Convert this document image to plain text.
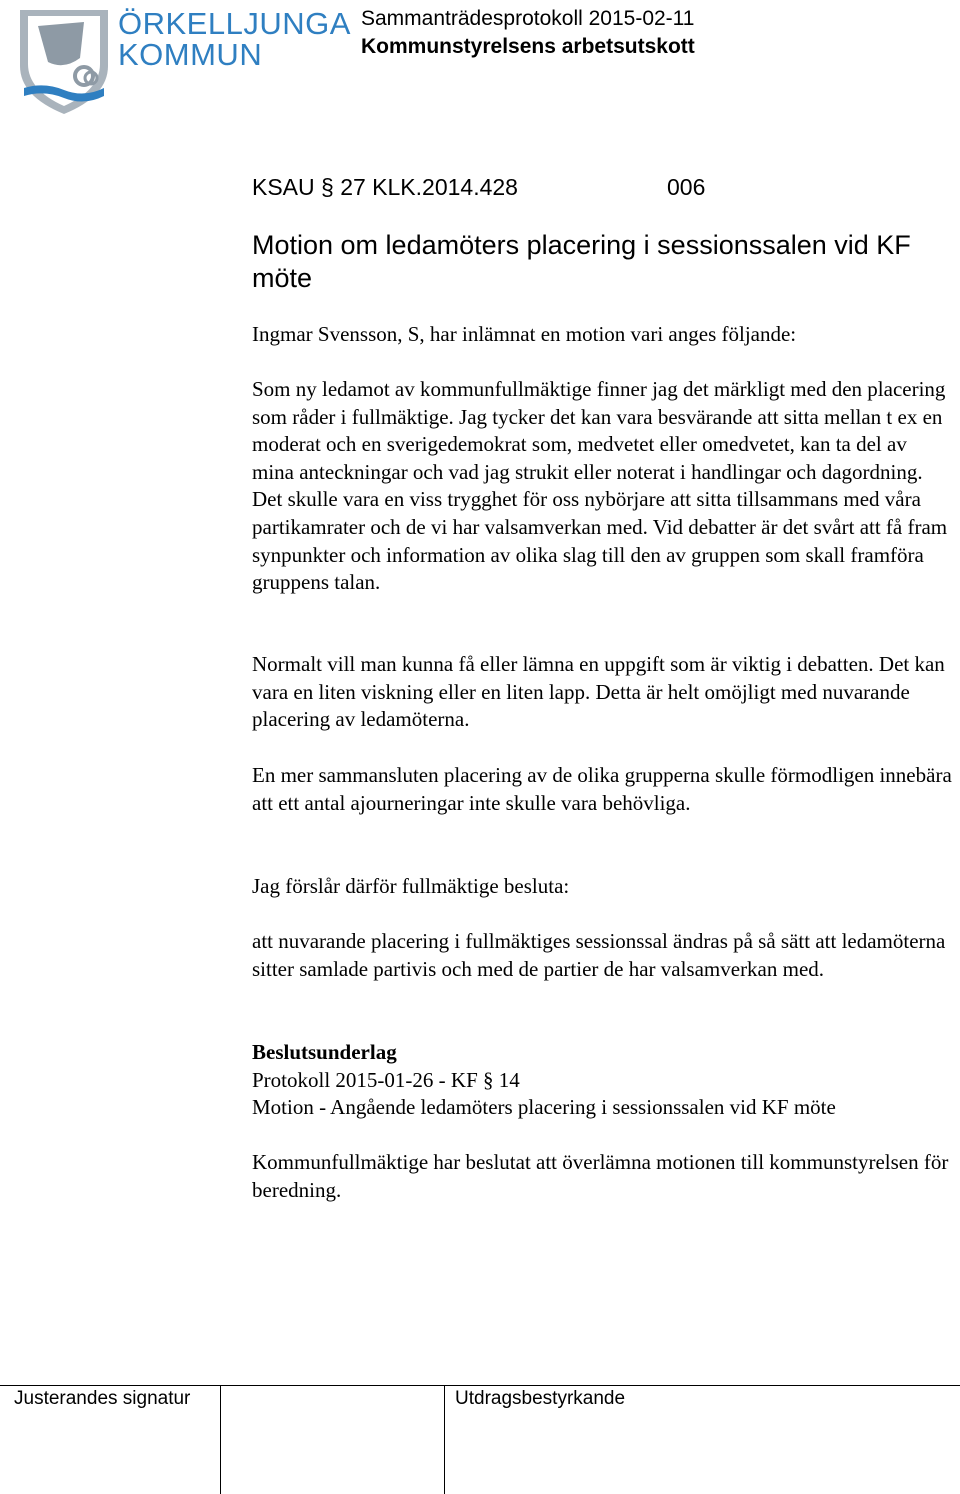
ÖRKELLJUNGA
KOMMUN
Sammanträdesprotokoll 2015-02-11
Kommunstyrelsens arbetsutskott
KSAU § 27 KLK.2014.428	006
Motion om ledamöters placering i sessionssalen vid KF möte
Ingmar Svensson, S, har inlämnat en motion vari anges följande:
Som ny ledamot av kommunfullmäktige finner jag det märkligt med den placering som råder i fullmäktige. Jag tycker det kan vara besvärande att sitta mellan t ex en moderat och en sverigedemokrat som, medvetet eller omedvetet, kan ta del av mina anteckningar och vad jag strukit eller noterat i handlingar och dagordning. Det skulle vara en viss trygghet för oss nybörjare att sitta tillsammans med våra partikamrater och de vi har valsamverkan med. Vid debatter är det svårt att få fram synpunkter och information av olika slag till den av gruppen som skall framföra gruppens talan.
Normalt vill man kunna få eller lämna en uppgift som är viktig i debatten. Det kan vara en liten viskning eller en liten lapp. Detta är helt omöjligt med nuvarande placering av ledamöterna.
En mer sammansluten placering av de olika grupperna skulle förmodligen innebära att ett antal ajourneringar inte skulle vara behövliga.
Jag förslår därför fullmäktige besluta:
att nuvarande placering i fullmäktiges sessionssal ändras på så sätt att ledamöterna sitter samlade partivis och med de partier de har valsamverkan med.
Beslutsunderlag
Protokoll 2015-01-26 - KF § 14
Motion - Angående ledamöters placering i sessionssalen vid KF möte
Kommunfullmäktige har beslutat att överlämna motionen till kommunstyrelsen för beredning.
Justerandes signatur	Utdragsbestyrkande
